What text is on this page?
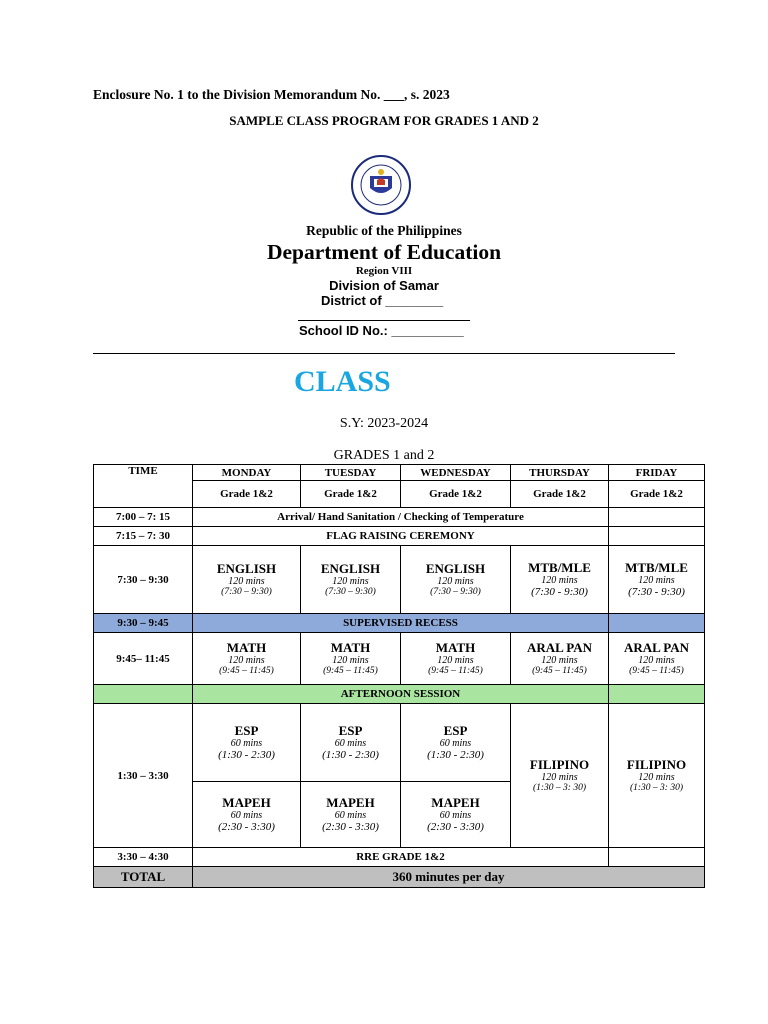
Enclosure No. 1 to the Division Memorandum No. ___, s. 2023
SAMPLE CLASS PROGRAM FOR GRADES 1 AND 2
Republic of the Philippines
Department of Education
Region VIII
Division of Samar
District of ________
School ID No.: __________
CLASS
S.Y: 2023-2024
GRADES 1 and 2
TIME	MONDAY	TUESDAY	WEDNESDAY	THURSDAY	FRIDAY
	Grade 1&2	Grade 1&2	Grade 1&2	Grade 1&2	Grade 1&2
7:00 – 7: 15	Arrival/ Hand Sanitation / Checking of Temperature				
7:15 – 7: 30	FLAG RAISING CEREMONY				
7:30 – 9:30	ENGLISH
120 mins
(7:30 – 9:30)	ENGLISH
120 mins
(7:30 – 9:30)	ENGLISH
120 mins
(7:30 – 9:30)	MTB/MLE
120 mins
(7:30 - 9:30)	MTB/MLE
120 mins
(7:30 - 9:30)

9:30 – 9:45	SUPERVISED RECESS				
9:45– 11:45	MATH
120 mins
(9:45 – 11:45)	MATH
120 mins
(9:45 – 11:45)	MATH
120 mins
(9:45 – 11:45)	ARAL PAN
120 mins
(9:45 – 11:45)	ARAL PAN
120 mins
(9:45 – 11:45)

	AFTERNOON SESSION				
1:30 – 3:30	ESP
60 mins
(1:30 - 2:30)	ESP
60 mins
(1:30 - 2:30)	ESP
60 mins
(1:30 - 2:30)	FILIPINO
120 mins
(1:30 – 3: 30)	FILIPINO
120 mins
(1:30 – 3: 30)

	MAPEH
60 mins
(2:30 - 3:30)	MAPEH
60 mins
(2:30 - 3:30)	MAPEH
60 mins
(2:30 - 3:30)		

3:30 – 4:30	RRE GRADE 1&2				
TOTAL	360 minutes per day				
